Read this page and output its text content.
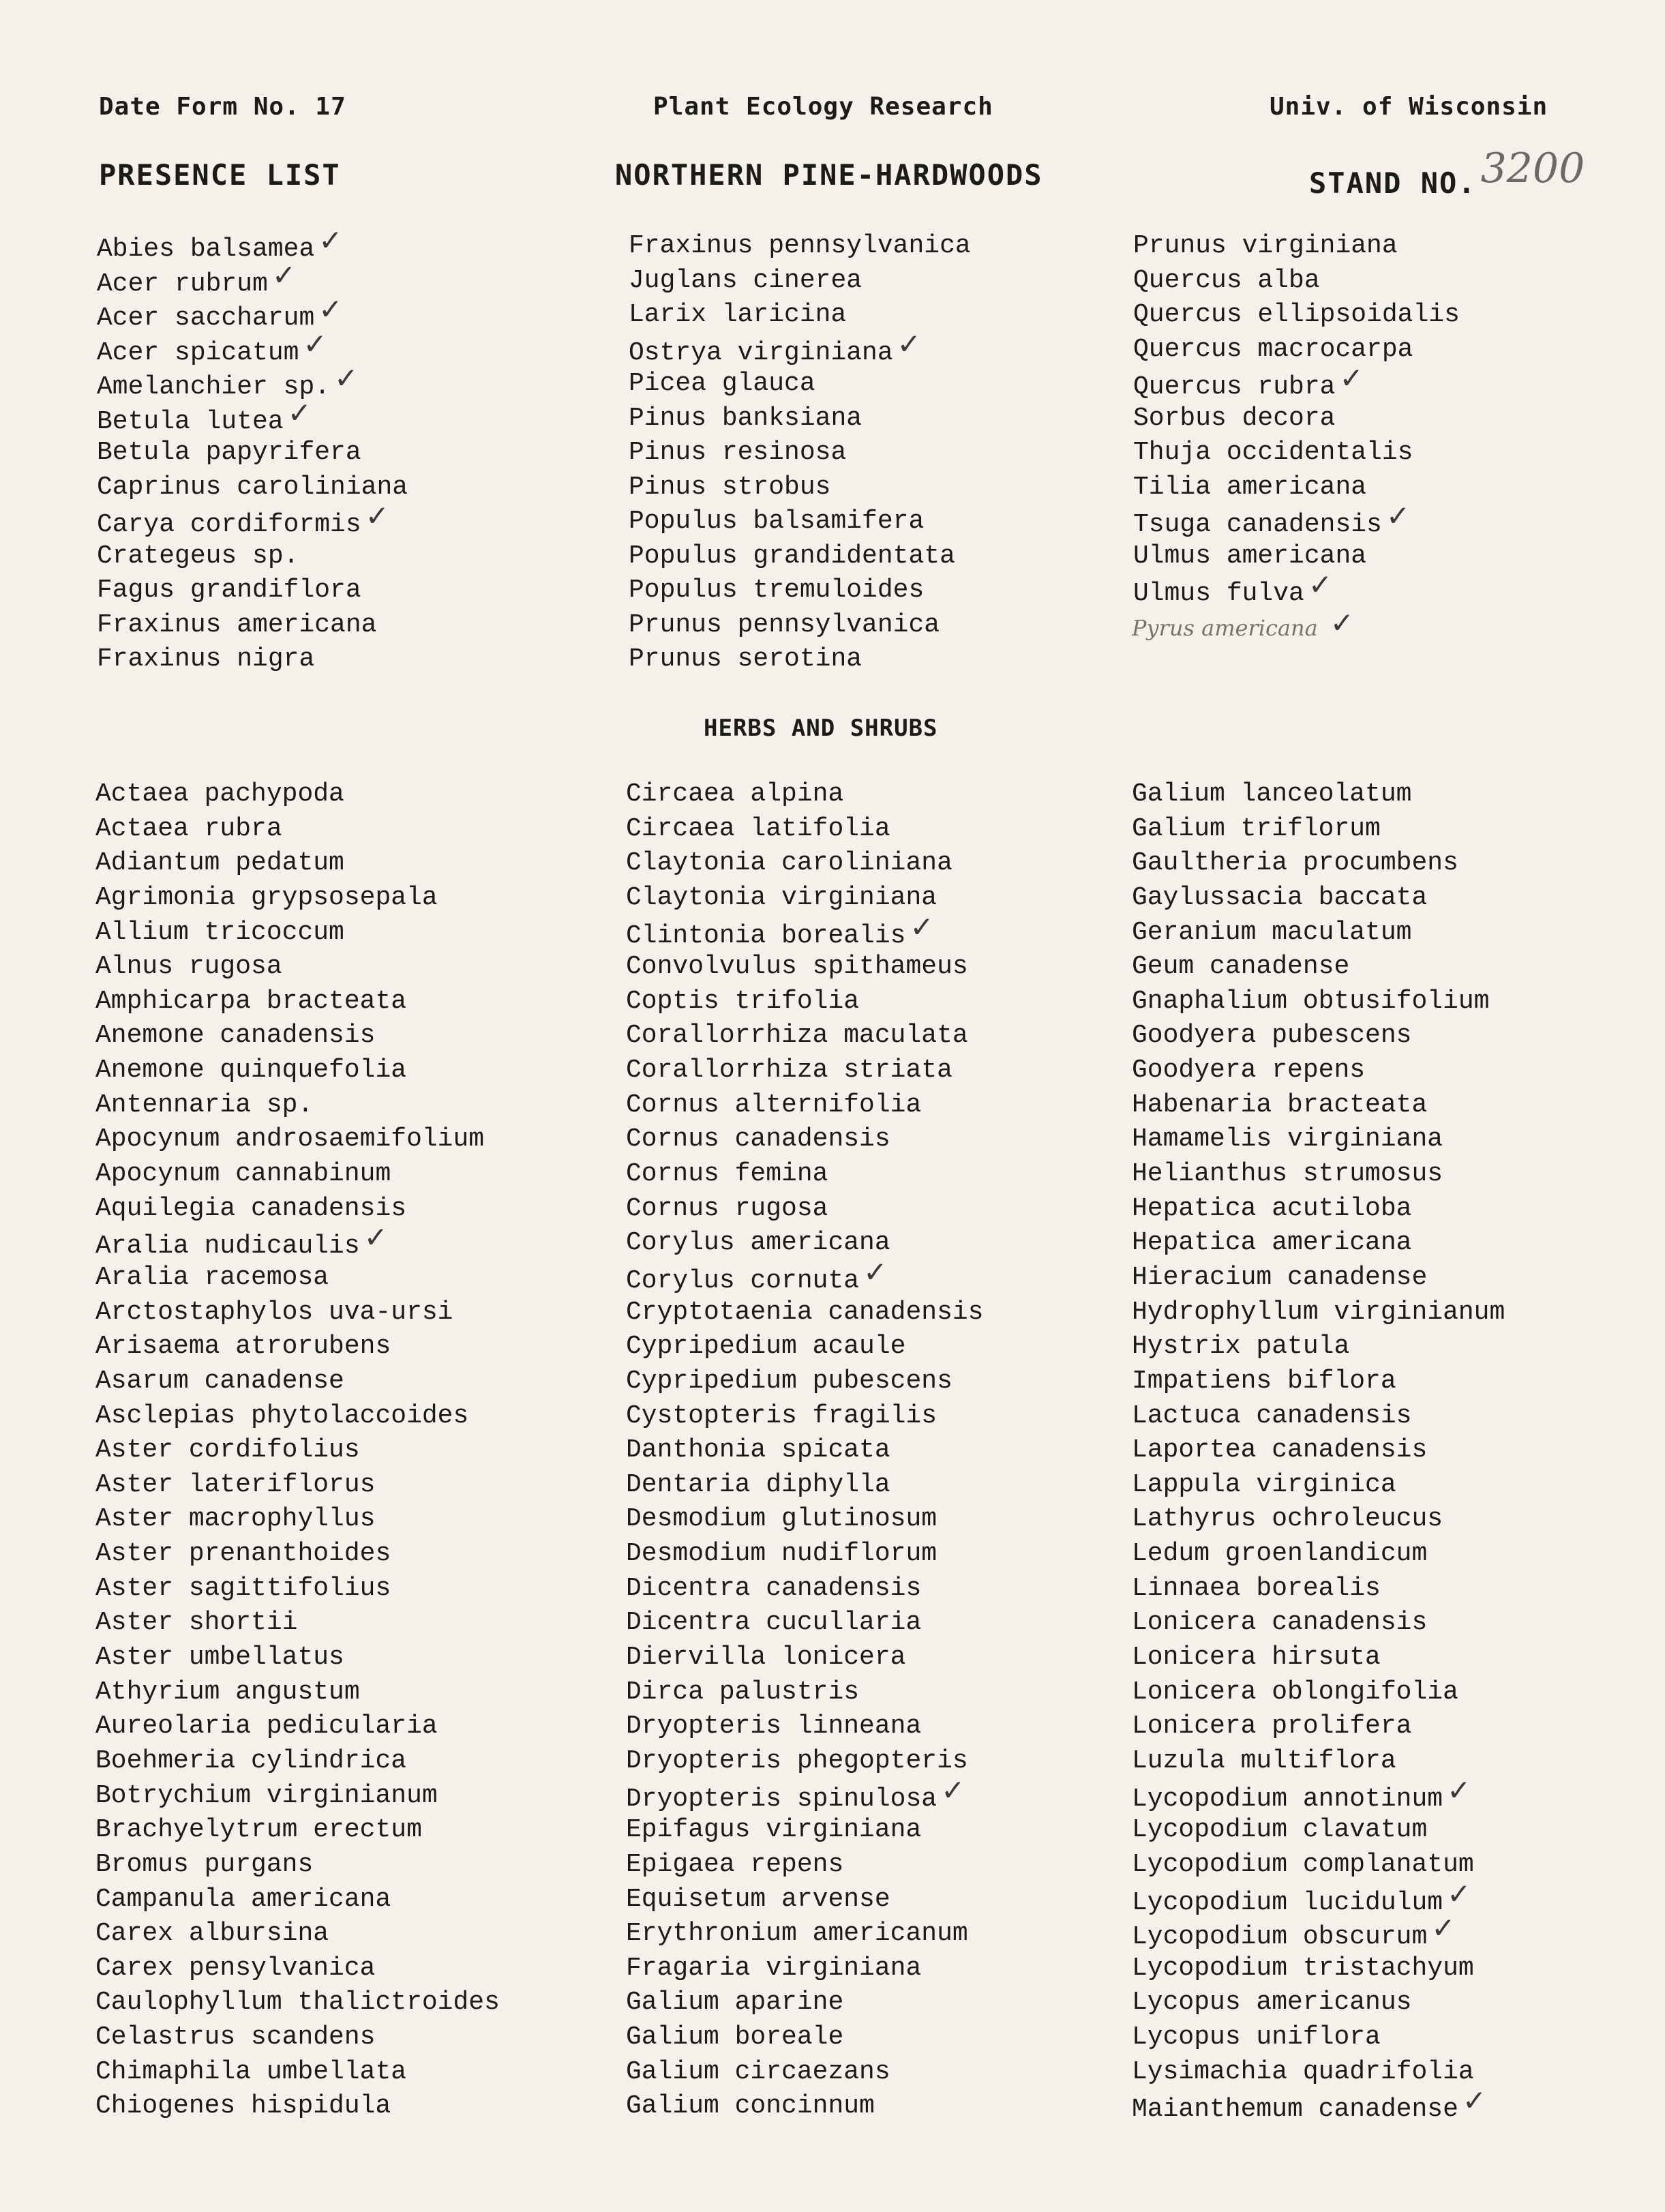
Date Form No. 17	Plant Ecology Research	Univ. of Wisconsin
PRESENCE LIST	NORTHERN PINE-HARDWOODS	STAND NO. 3200
Abies balsamea ✓
Acer rubrum ✓
Acer saccharum ✓
Acer spicatum ✓
Amelanchier sp. ✓
Betula lutea ✓
Betula papyrifera
Caprinus caroliniana
Carya cordiformis ✓
Crategeus sp.
Fagus grandiflora
Fraxinus americana
Fraxinus nigra
Fraxinus pennsylvanica
Juglans cinerea
Larix laricina
Ostrya virginiana ✓
Picea glauca
Pinus banksiana
Pinus resinosa
Pinus strobus
Populus balsamifera
Populus grandidentata
Populus tremuloides
Prunus pennsylvanica
Prunus serotina
Prunus virginiana
Quercus alba
Quercus ellipsoidalis
Quercus macrocarpa
Quercus rubra ✓
Sorbus decora
Thuja occidentalis
Tilia americana
Tsuga canadensis ✓
Ulmus americana
Ulmus fulva ✓
Pyrus americana ✓
HERBS AND SHRUBS
Actaea pachypoda
Actaea rubra
Adiantum pedatum
Agrimonia grypsosepala
Allium tricoccum
Alnus rugosa
Amphicarpa bracteata
Anemone canadensis
Anemone quinquefolia
Antennaria sp.
Apocynum androsaemifolium
Apocynum cannabinum
Aquilegia canadensis
Aralia nudicaulis ✓
Aralia racemosa
Arctostaphylos uva-ursi
Arisaema atrorubens
Asarum canadense
Asclepias phytolaccoides
Aster cordifolius
Aster lateriflorus
Aster macrophyllus
Aster prenanthoides
Aster sagittifolius
Aster shortii
Aster umbellatus
Athyrium angustum
Aureolaria pedicularia
Boehmeria cylindrica
Botrychium virginianum
Brachyelytrum erectum
Bromus purgans
Campanula americana
Carex albursina
Carex pensylvanica
Caulophyllum thalictroides
Celastrus scandens
Chimaphila umbellata
Chiogenes hispidula
Circaea alpina
Circaea latifolia
Claytonia caroliniana
Claytonia virginiana
Clintonia borealis ✓
Convolvulus spithameus
Coptis trifolia
Corallorrhiza maculata
Corallorrhiza striata
Cornus alternifolia
Cornus canadensis
Cornus femina
Cornus rugosa
Corylus americana
Corylus cornuta ✓
Cryptotaenia canadensis
Cypripedium acaule
Cypripedium pubescens
Cystopteris fragilis
Danthonia spicata
Dentaria diphylla
Desmodium glutinosum
Desmodium nudiflorum
Dicentra canadensis
Dicentra cucullaria
Diervilla lonicera
Dirca palustris
Dryopteris linneana
Dryopteris phegopteris
Dryopteris spinulosa ✓
Epifagus virginiana
Epigaea repens
Equisetum arvense
Erythronium americanum
Fragaria virginiana
Galium aparine
Galium boreale
Galium circaezans
Galium concinnum
Galium lanceolatum
Galium triflorum
Gaultheria procumbens
Gaylussacia baccata
Geranium maculatum
Geum canadense
Gnaphalium obtusifolium
Goodyera pubescens
Goodyera repens
Habenaria bracteata
Hamamelis virginiana
Helianthus strumosus
Hepatica acutiloba
Hepatica americana
Hieracium canadense
Hydrophyllum virginianum
Hystrix patula
Impatiens biflora
Lactuca canadensis
Laportea canadensis
Lappula virginica
Lathyrus ochroleucus
Ledum groenlandicum
Linnaea borealis
Lonicera canadensis
Lonicera hirsuta
Lonicera oblongifolia
Lonicera prolifera
Luzula multiflora
Lycopodium annotinum ✓
Lycopodium clavatum
Lycopodium complanatum
Lycopodium lucidulum ✓
Lycopodium obscurum ✓
Lycopodium tristachyum
Lycopus americanus
Lycopus uniflora
Lysimachia quadrifolia
Maianthemum canadense ✓
